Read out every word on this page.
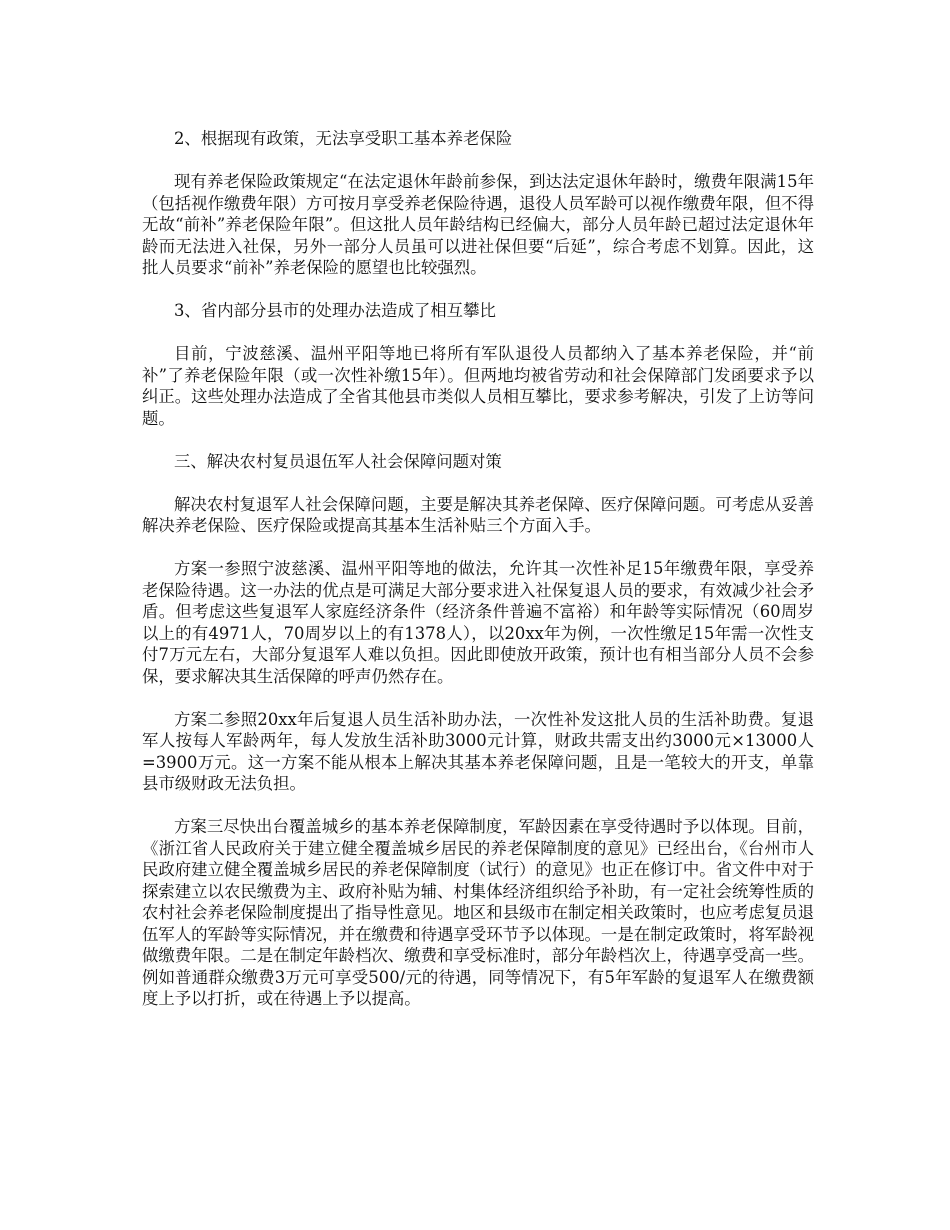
2、根据现有政策，无法享受职工基本养老保险

现有养老保险政策规定“在法定退休年龄前参保，到达法定退休年龄时，缴费年限满15年（包括视作缴费年限）方可按月享受养老保险待遇，退役人员军龄可以视作缴费年限，但不得无故“前补”养老保险年限”。但这批人员年龄结构已经偏大，部分人员年龄已超过法定退休年龄而无法进入社保，另外一部分人员虽可以进社保但要“后延”，综合考虑不划算。因此，这批人员要求“前补”养老保险的愿望也比较强烈。

3、省内部分县市的处理办法造成了相互攀比

目前，宁波慈溪、温州平阳等地已将所有军队退役人员都纳入了基本养老保险，并“前补”了养老保险年限（或一次性补缴15年）。但两地均被省劳动和社会保障部门发函要求予以纠正。这些处理办法造成了全省其他县市类似人员相互攀比，要求参考解决，引发了上访等问题。

三、解决农村复员退伍军人社会保障问题对策

解决农村复退军人社会保障问题，主要是解决其养老保障、医疗保障问题。可考虑从妥善解决养老保险、医疗保险或提高其基本生活补贴三个方面入手。

方案一参照宁波慈溪、温州平阳等地的做法，允许其一次性补足15年缴费年限，享受养老保险待遇。这一办法的优点是可满足大部分要求进入社保复退人员的要求，有效减少社会矛盾。但考虑这些复退军人家庭经济条件（经济条件普遍不富裕）和年龄等实际情况（60周岁以上的有4971人，70周岁以上的有1378人），以20xx年为例，一次性缴足15年需一次性支付7万元左右，大部分复退军人难以负担。因此即使放开政策，预计也有相当部分人员不会参保，要求解决其生活保障的呼声仍然存在。

方案二参照20xx年后复退人员生活补助办法，一次性补发这批人员的生活补助费。复退军人按每人军龄两年，每人发放生活补助3000元计算，财政共需支出约3000元×13000人=3900万元。这一方案不能从根本上解决其基本养老保障问题，且是一笔较大的开支，单靠县市级财政无法负担。

方案三尽快出台覆盖城乡的基本养老保障制度，军龄因素在享受待遇时予以体现。目前，《浙江省人民政府关于建立健全覆盖城乡居民的养老保障制度的意见》已经出台，《台州市人民政府建立健全覆盖城乡居民的养老保障制度（试行）的意见》也正在修订中。省文件中对于探索建立以农民缴费为主、政府补贴为辅、村集体经济组织给予补助，有一定社会统筹性质的农村社会养老保险制度提出了指导性意见。地区和县级市在制定相关政策时，也应考虑复员退伍军人的军龄等实际情况，并在缴费和待遇享受环节予以体现。一是在制定政策时，将军龄视做缴费年限。二是在制定年龄档次、缴费和享受标准时，部分年龄档次上，待遇享受高一些。例如普通群众缴费3万元可享受500/元的待遇，同等情况下，有5年军龄的复退军人在缴费额度上予以打折，或在待遇上予以提高。
